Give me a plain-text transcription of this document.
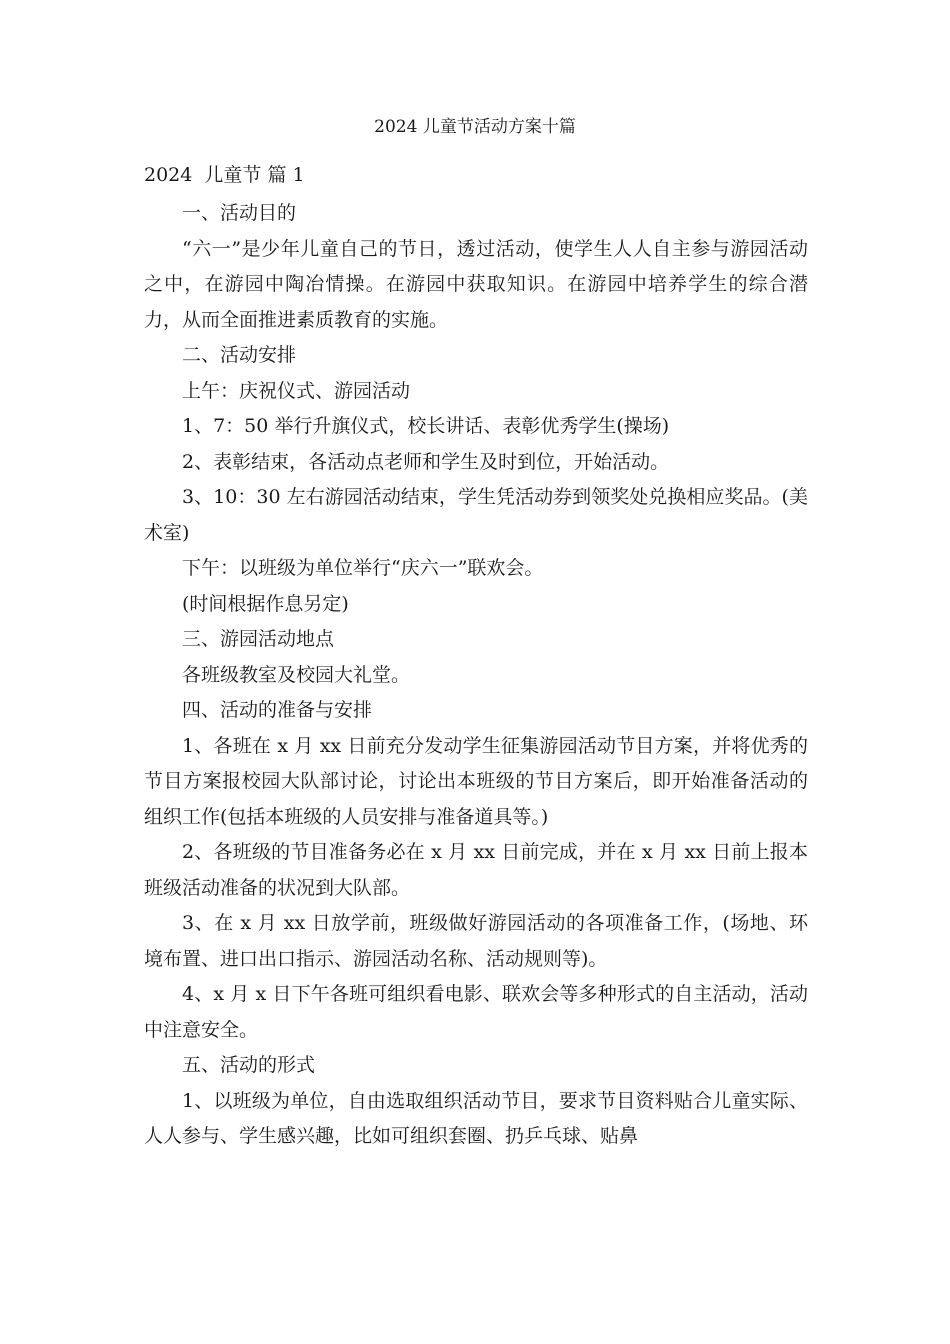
2024 儿童节活动方案十篇
2024  儿童节 篇 1

一、活动目的

“六一”是少年儿童自己的节日，透过活动，使学生人人自主参与游园活动之中，在游园中陶冶情操。在游园中获取知识。在游园中培养学生的综合潜力，从而全面推进素质教育的实施。

二、活动安排

上午：庆祝仪式、游园活动

1、7：50 举行升旗仪式，校长讲话、表彰优秀学生(操场)

2、表彰结束，各活动点老师和学生及时到位，开始活动。

3、10：30 左右游园活动结束，学生凭活动券到领奖处兑换相应奖品。(美术室)

下午：以班级为单位举行“庆六一”联欢会。

(时间根据作息另定)

三、游园活动地点

各班级教室及校园大礼堂。

四、活动的准备与安排

1、各班在 x 月 xx 日前充分发动学生征集游园活动节目方案，并将优秀的节目方案报校园大队部讨论，讨论出本班级的节目方案后，即开始准备活动的组织工作(包括本班级的人员安排与准备道具等。)

2、各班级的节目准备务必在 x 月 xx 日前完成，并在 x 月 xx 日前上报本班级活动准备的状况到大队部。

3、在 x 月 xx 日放学前，班级做好游园活动的各项准备工作，(场地、环境布置、进口出口指示、游园活动名称、活动规则等)。

4、x 月 x 日下午各班可组织看电影、联欢会等多种形式的自主活动，活动中注意安全。

五、活动的形式

1、以班级为单位，自由选取组织活动节目，要求节目资料贴合儿童实际、人人参与、学生感兴趣，比如可组织套圈、扔乒乓球、贴鼻
